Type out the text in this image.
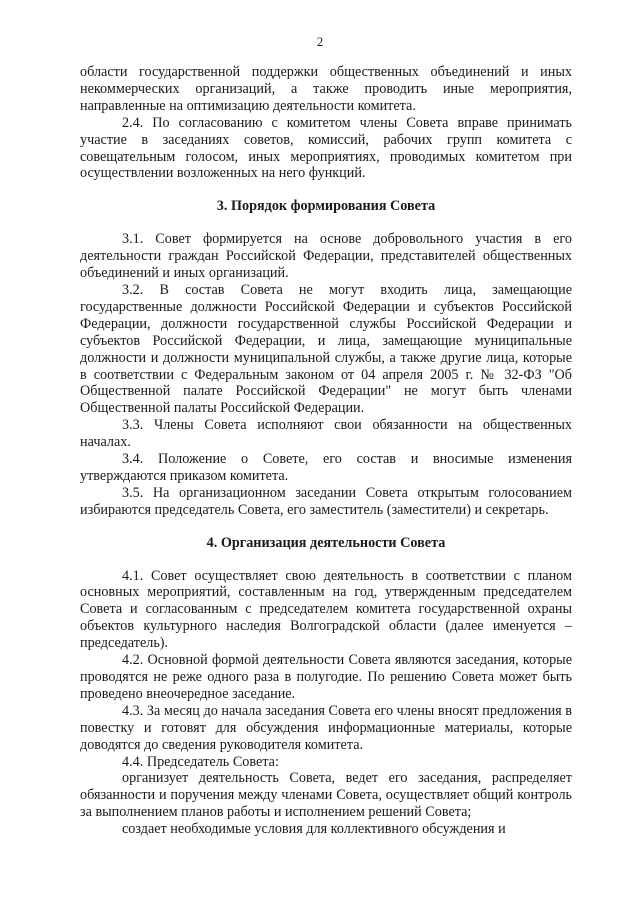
2

области государственной поддержки общественных объединений и иных некоммерческих организаций, а также проводить иные мероприятия, направленные на оптимизацию деятельности комитета.

2.4. По согласованию с комитетом члены Совета вправе принимать участие в заседаниях советов, комиссий, рабочих групп комитета с совещательным голосом, иных мероприятиях, проводимых комитетом при осуществлении возложенных на него функций.

3. Порядок формирования Совета

3.1. Совет формируется на основе добровольного участия в его деятельности граждан Российской Федерации, представителей общественных объединений и иных организаций.

3.2. В состав Совета не могут входить лица, замещающие государственные должности Российской Федерации и субъектов Российской Федерации, должности государственной службы Российской Федерации и субъектов Российской Федерации, и лица, замещающие муниципальные должности и должности муниципальной службы, а также другие лица, которые в соответствии с Федеральным законом от 04 апреля 2005 г. № 32-ФЗ "Об Общественной палате Российской Федерации" не могут быть членами Общественной палаты Российской Федерации.

3.3. Члены Совета исполняют свои обязанности на общественных началах.

3.4. Положение о Совете, его состав и вносимые изменения утверждаются приказом комитета.

3.5. На организационном заседании Совета открытым голосованием избираются председатель Совета, его заместитель (заместители) и секретарь.

4. Организация деятельности Совета

4.1. Совет осуществляет свою деятельность в соответствии с планом основных мероприятий, составленным на год, утвержденным председателем Совета и согласованным с председателем комитета государственной охраны объектов культурного наследия Волгоградской области (далее именуется – председатель).

4.2. Основной формой деятельности Совета являются заседания, которые проводятся не реже одного раза в полугодие. По решению Совета может быть проведено внеочередное заседание.

4.3. За месяц до начала заседания Совета его члены вносят предложения в повестку и готовят для обсуждения информационные материалы, которые доводятся до сведения руководителя комитета.

4.4. Председатель Совета:

организует деятельность Совета, ведет его заседания, распределяет обязанности и поручения между членами Совета, осуществляет общий контроль за выполнением планов работы и исполнением решений Совета;

создает необходимые условия для коллективного обсуждения и
